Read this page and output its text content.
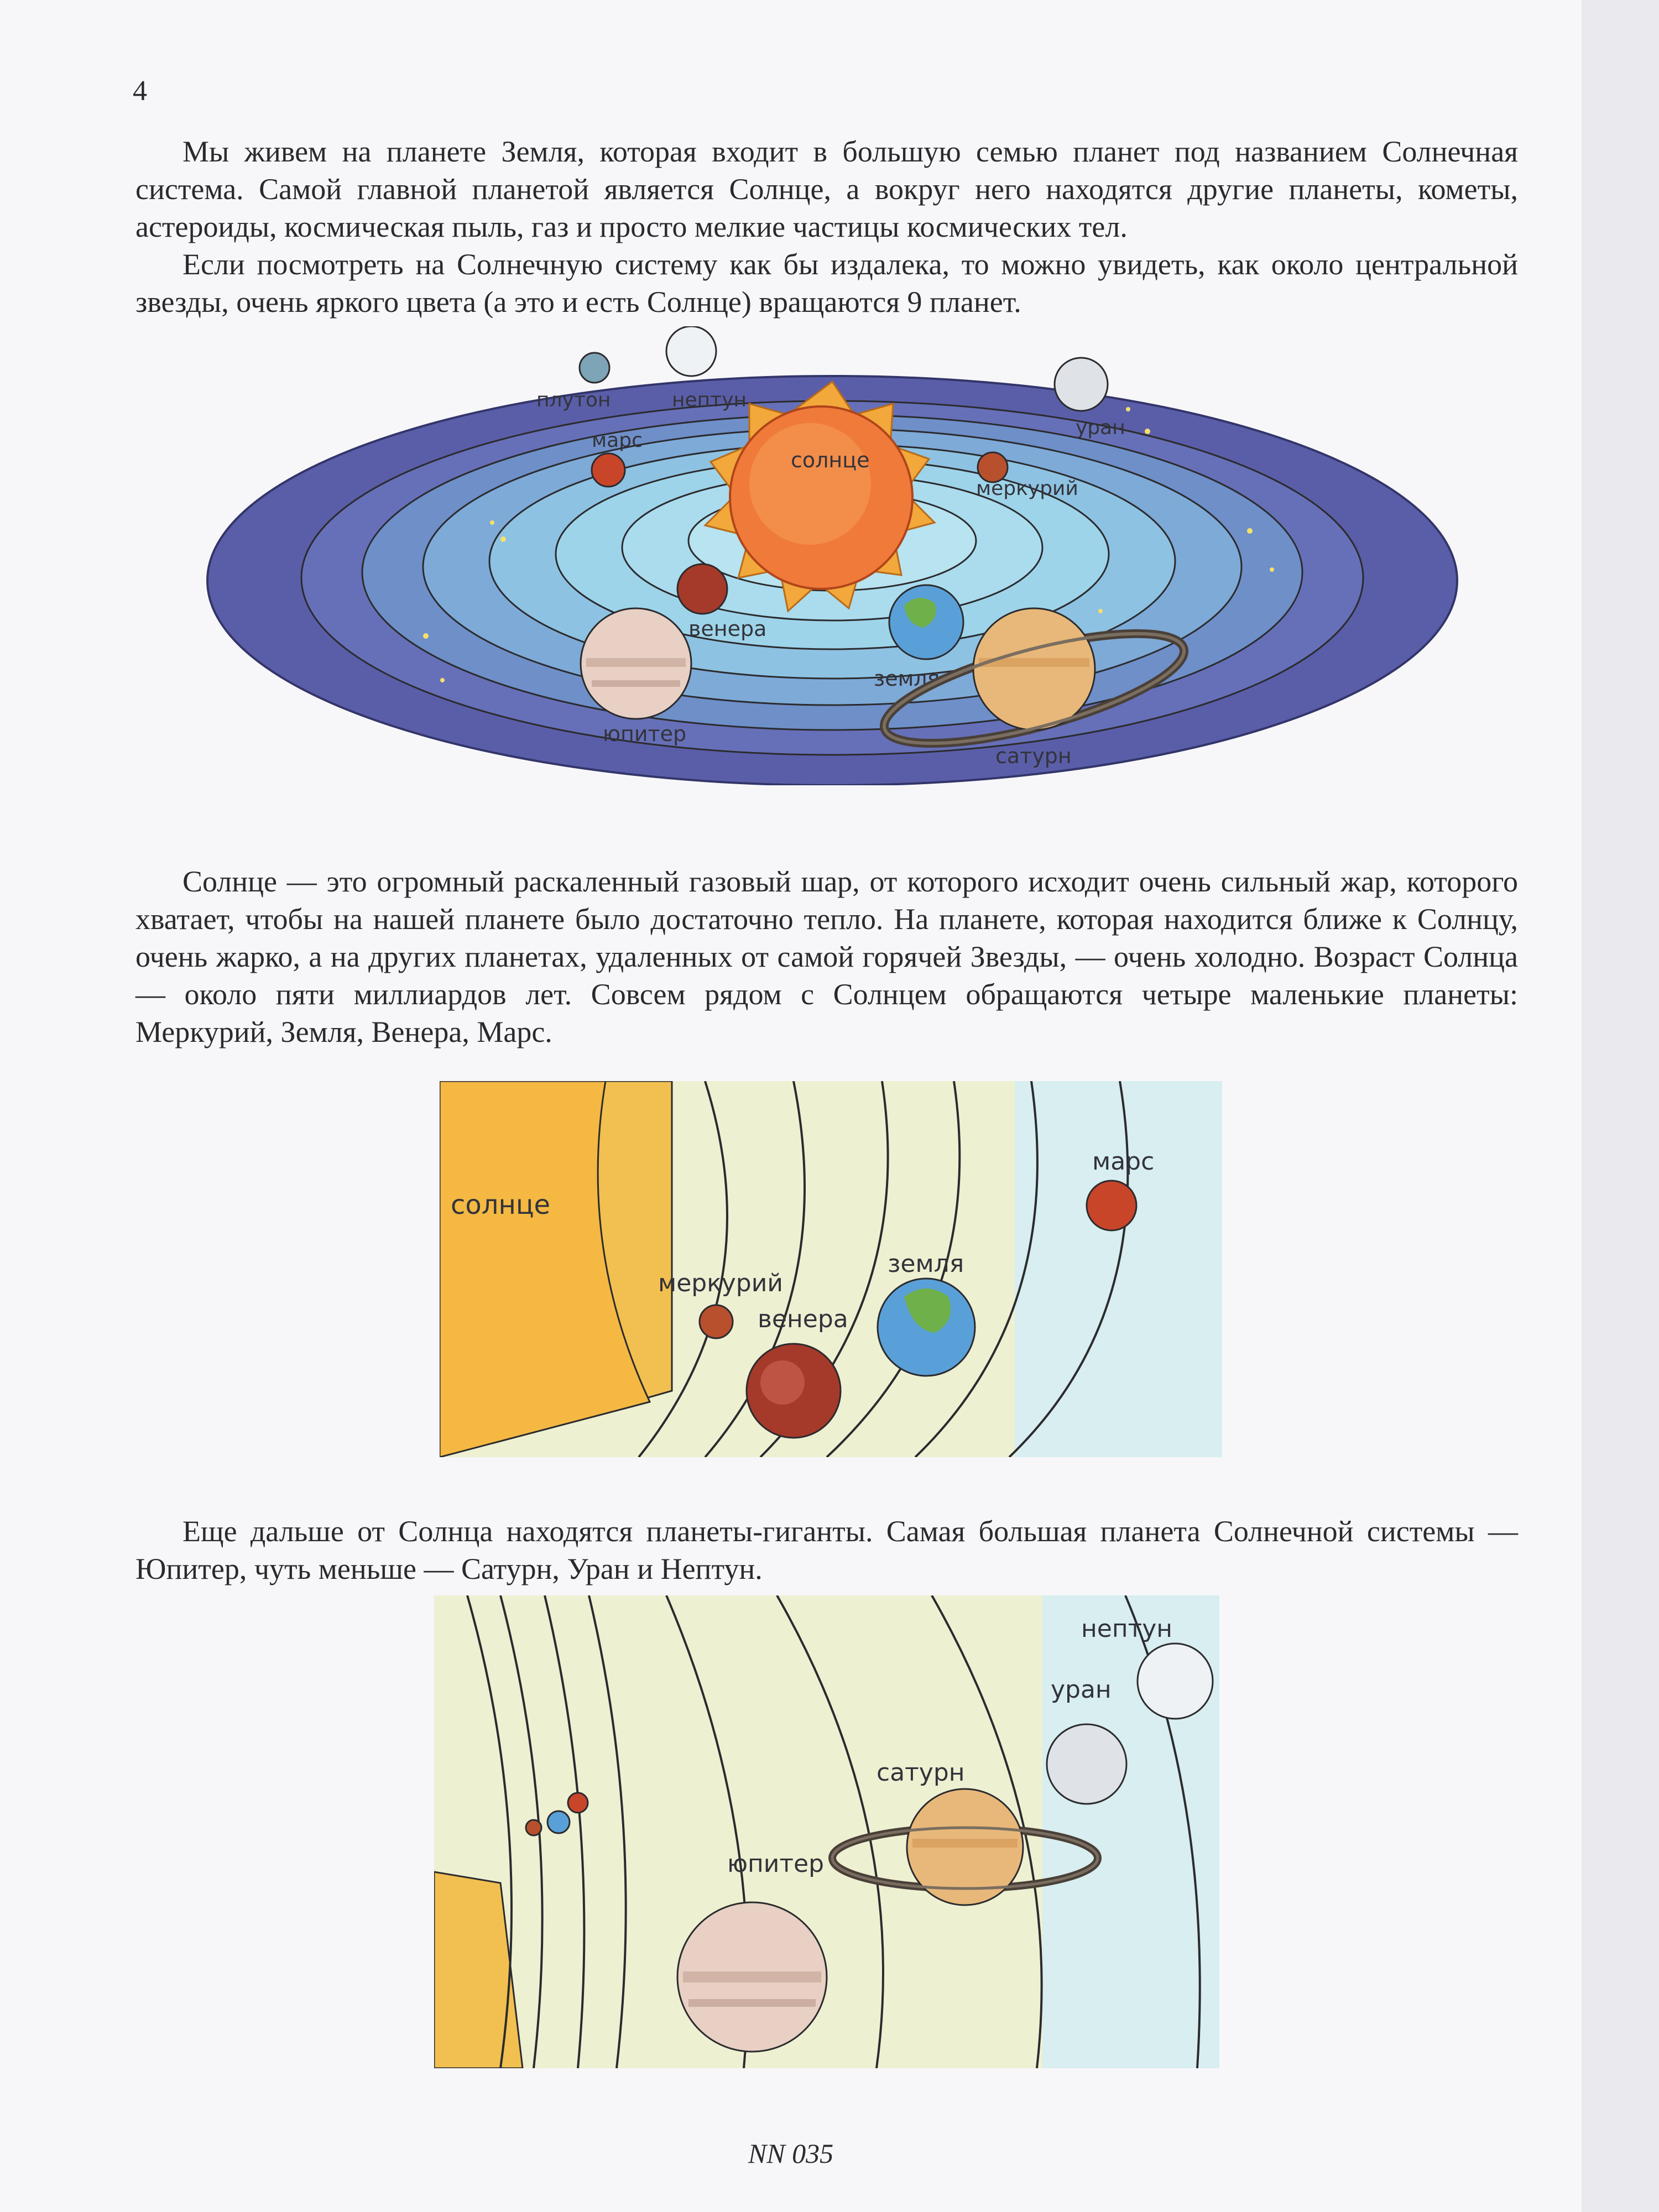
4

Мы живем на планете Земля, которая входит в большую семью планет под названием Солнечная система. Самой главной планетой является Солнце, а вокруг него находятся другие планеты, кометы, астероиды, космическая пыль, газ и просто мелкие частицы космических тел.

Если посмотреть на Солнечную систему как бы издалека, то можно увидеть, как около центральной звезды, очень яркого цвета (а это и есть Солнце) вращаются 9 планет.

солнце
плутон	нептун
уран
марс
меркурий
венера
земля
юпитер
сатурн

Солнце — это огромный раскаленный газовый шар, от которого исходит очень сильный жар, которого хватает, чтобы на нашей планете было достаточно тепло. На планете, которая находится ближе к Солнцу, очень жарко, а на других планетах, удаленных от самой горячей Звезды, — очень холодно. Возраст Солнца — около пяти миллиардов лет. Совсем рядом с Солнцем обращаются четыре маленькие планеты: Меркурий, Земля, Венера, Марс.

солнце
меркурий
венера
земля
марс

Еще дальше от Солнца находятся планеты-гиганты. Самая большая планета Солнечной системы — Юпитер, чуть меньше — Сатурн, Уран и Нептун.

юпитер
сатурн
уран
нептун
NN 035
